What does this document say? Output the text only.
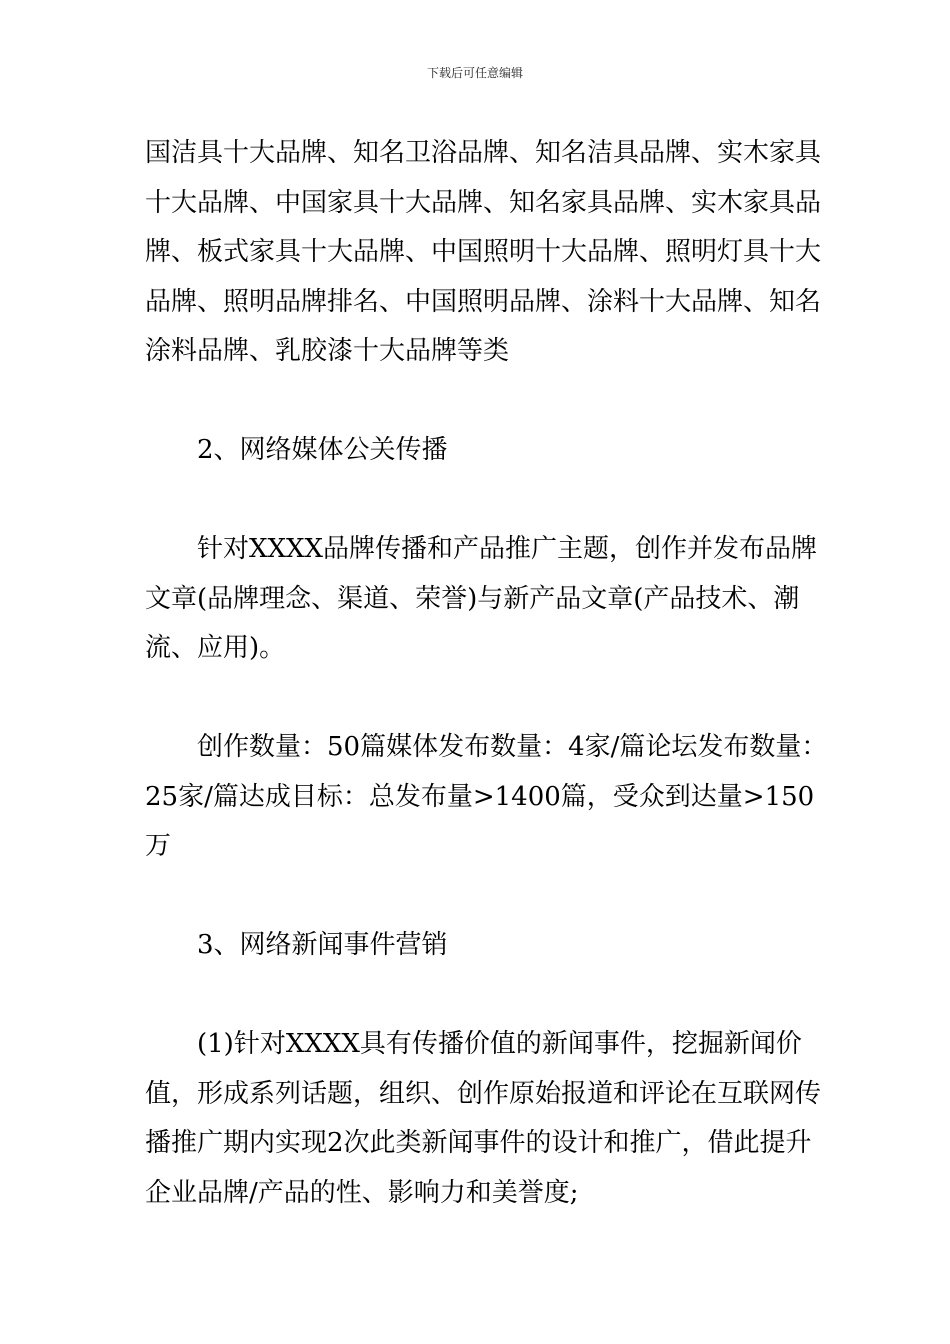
下载后可任意编辑

国洁具十大品牌、知名卫浴品牌、知名洁具品牌、实木家具十大品牌、中国家具十大品牌、知名家具品牌、实木家具品牌、板式家具十大品牌、中国照明十大品牌、照明灯具十大品牌、照明品牌排名、中国照明品牌、涂料十大品牌、知名涂料品牌、乳胶漆十大品牌等类

2、网络媒体公关传播

针对XXXX品牌传播和产品推广主题，创作并发布品牌文章(品牌理念、渠道、荣誉)与新产品文章(产品技术、潮流、应用)。

创作数量：50篇媒体发布数量：4家/篇论坛发布数量：25家/篇达成目标：总发布量>1400篇，受众到达量>150万

3、网络新闻事件营销

(1)针对XXXX具有传播价值的新闻事件，挖掘新闻价值，形成系列话题，组织、创作原始报道和评论在互联网传播推广期内实现2次此类新闻事件的设计和推广，借此提升企业品牌/产品的性、影响力和美誉度;
